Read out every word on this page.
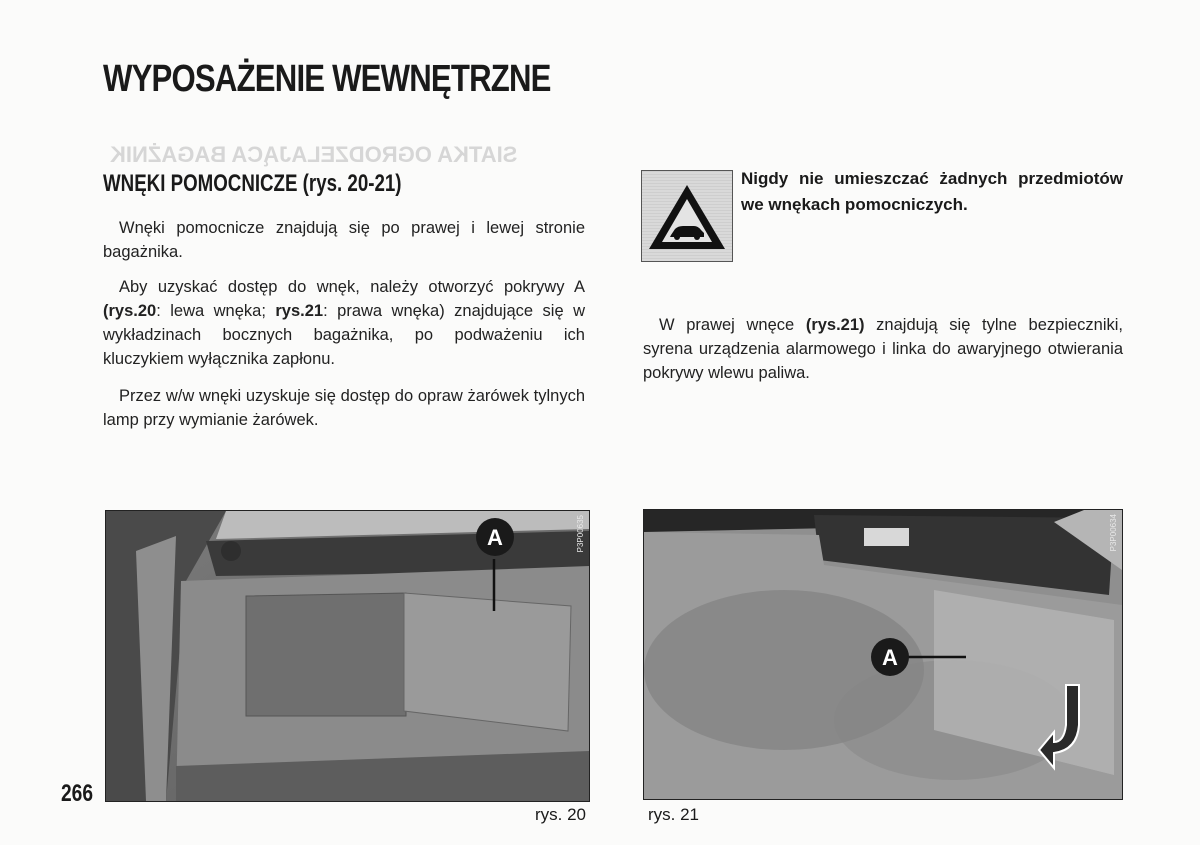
SIATKA OGRODZELAJĄCA BAGAŻNIK
WYPOSAŻENIE WEWNĘTRZNE
WNĘKI POMOCNICZE (rys. 20-21)

Wnęki pomocnicze znajdują się po prawej i lewej stronie bagażnika.

Aby uzyskać dostęp do wnęk, należy otworzyć pokrywy A (rys.20: lewa wnęka; rys.21: prawa wnęka) znajdujące się w wykładzinach bocznych bagażnika, po podważeniu ich kluczykiem wyłącznika zapłonu.

Przez w/w wnęki uzyskuje się dostęp do opraw żarówek tylnych lamp przy wymianie żarówek.

Nigdy nie umieszczać żadnych przedmiotów we wnękach pomocniczych.

W prawej wnęce (rys.21) znajdują się tylne bezpieczniki, syrena urządzenia alarmowego i linka do awaryjnego otwierania pokrywy wlewu paliwa.

A	P3P00635
A
P3P00634
rys. 20	rys. 21
266
